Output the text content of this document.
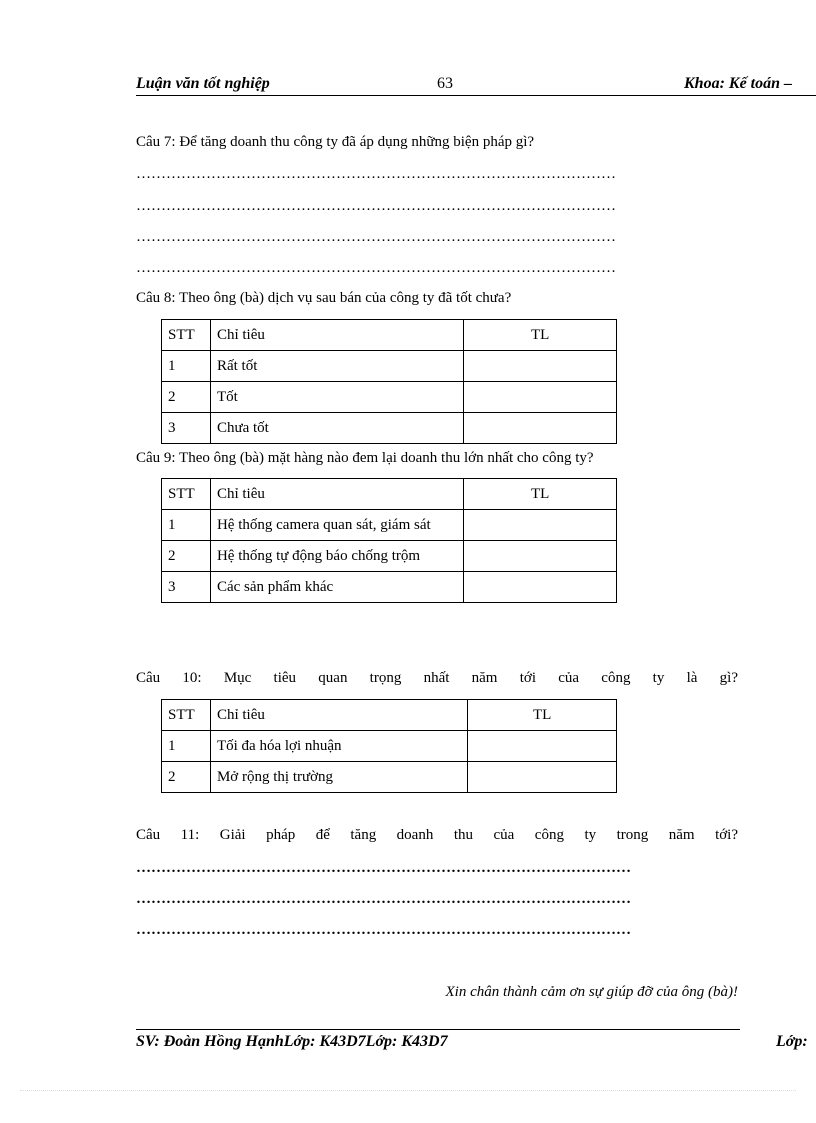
Luận văn tốt nghiệp	63	Khoa: Kế toán –
Câu 7: Để tăng doanh thu công ty đã áp dụng những biện pháp gì?
……………………………………………………………………………………
……………………………………………………………………………………
……………………………………………………………………………………
……………………………………………………………………………………
Câu 8: Theo ông (bà) dịch vụ sau bán của công ty đã tốt chưa?
STT	Chỉ tiêu	TL
1	Rất tốt	
2	Tốt	
3	Chưa tốt	
Câu 9: Theo ông (bà) mặt hàng nào đem lại doanh thu lớn nhất cho công ty?
STT	Chỉ tiêu	TL
1	Hệ thống camera quan sát, giám sát	
2	Hệ thống tự động báo chống trộm	
3	Các sản phẩm khác	
Câu 10: Mục tiêu quan trọng nhất năm tới của công ty là gì?
STT	Chỉ tiêu	TL
1	Tối đa hóa lợi nhuận	
2	Mở rộng thị trường	
Câu 11: Giải pháp để tăng doanh thu của công ty trong năm tới?
………………………………………………………………………………………
………………………………………………………………………………………
………………………………………………………………………………………
Xin chân thành cảm ơn sự giúp đỡ của ông (bà)!
SV: Đoàn Hồng HạnhLớp: K43D7Lớp: K43D7	Lớp:
